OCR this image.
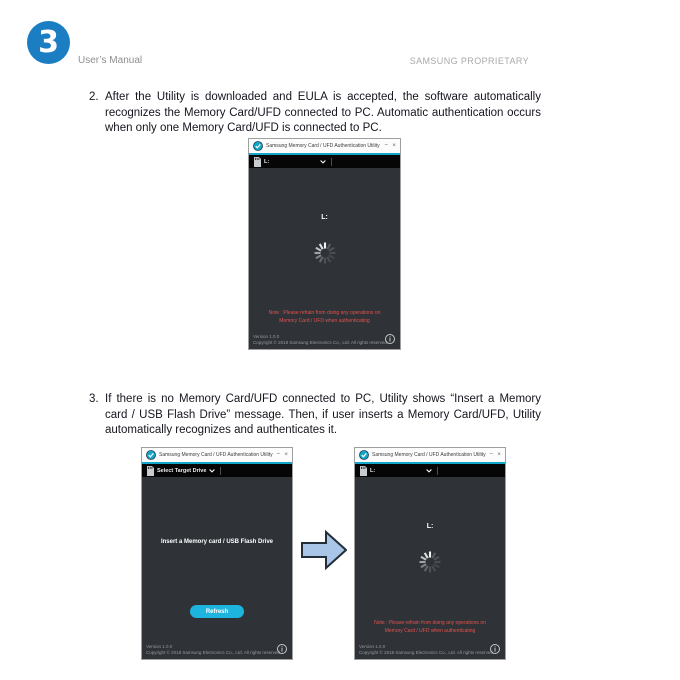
3
User’s Manual	SAMSUNG PROPRIETARY
2. After the Utility is downloaded and EULA is accepted, the software automatically recognizes the Memory Card/UFD connected to PC. Automatic authentication occurs when only one Memory Card/UFD is connected to PC.
Samsung Memory Card / UFD Authentication Utility − ×
L:
L:
Note : Please refrain from doing any operations on
Memory Card / UFD when authenticating
Version 1.0.0
Copyright © 2018 Samsung Electronics Co., Ltd. All rights reserved.
3. If there is no Memory Card/UFD connected to PC, Utility shows “Insert a Memory card / USB Flash Drive” message. Then, if user inserts a Memory Card/UFD, Utility automatically recognizes and authenticates it.
Samsung Memory Card / UFD Authentication Utility − ×
Select Target Drive
Insert a Memory card / USB Flash Drive
Refresh
Version 1.0.0
Copyright © 2018 Samsung Electronics Co., Ltd. All rights reserved.
Samsung Memory Card / UFD Authentication Utility − ×
L:
L:
Note : Please refrain from doing any operations on
Memory Card / UFD when authenticating
Version 1.0.0
Copyright © 2018 Samsung Electronics Co., Ltd. All rights reserved.
